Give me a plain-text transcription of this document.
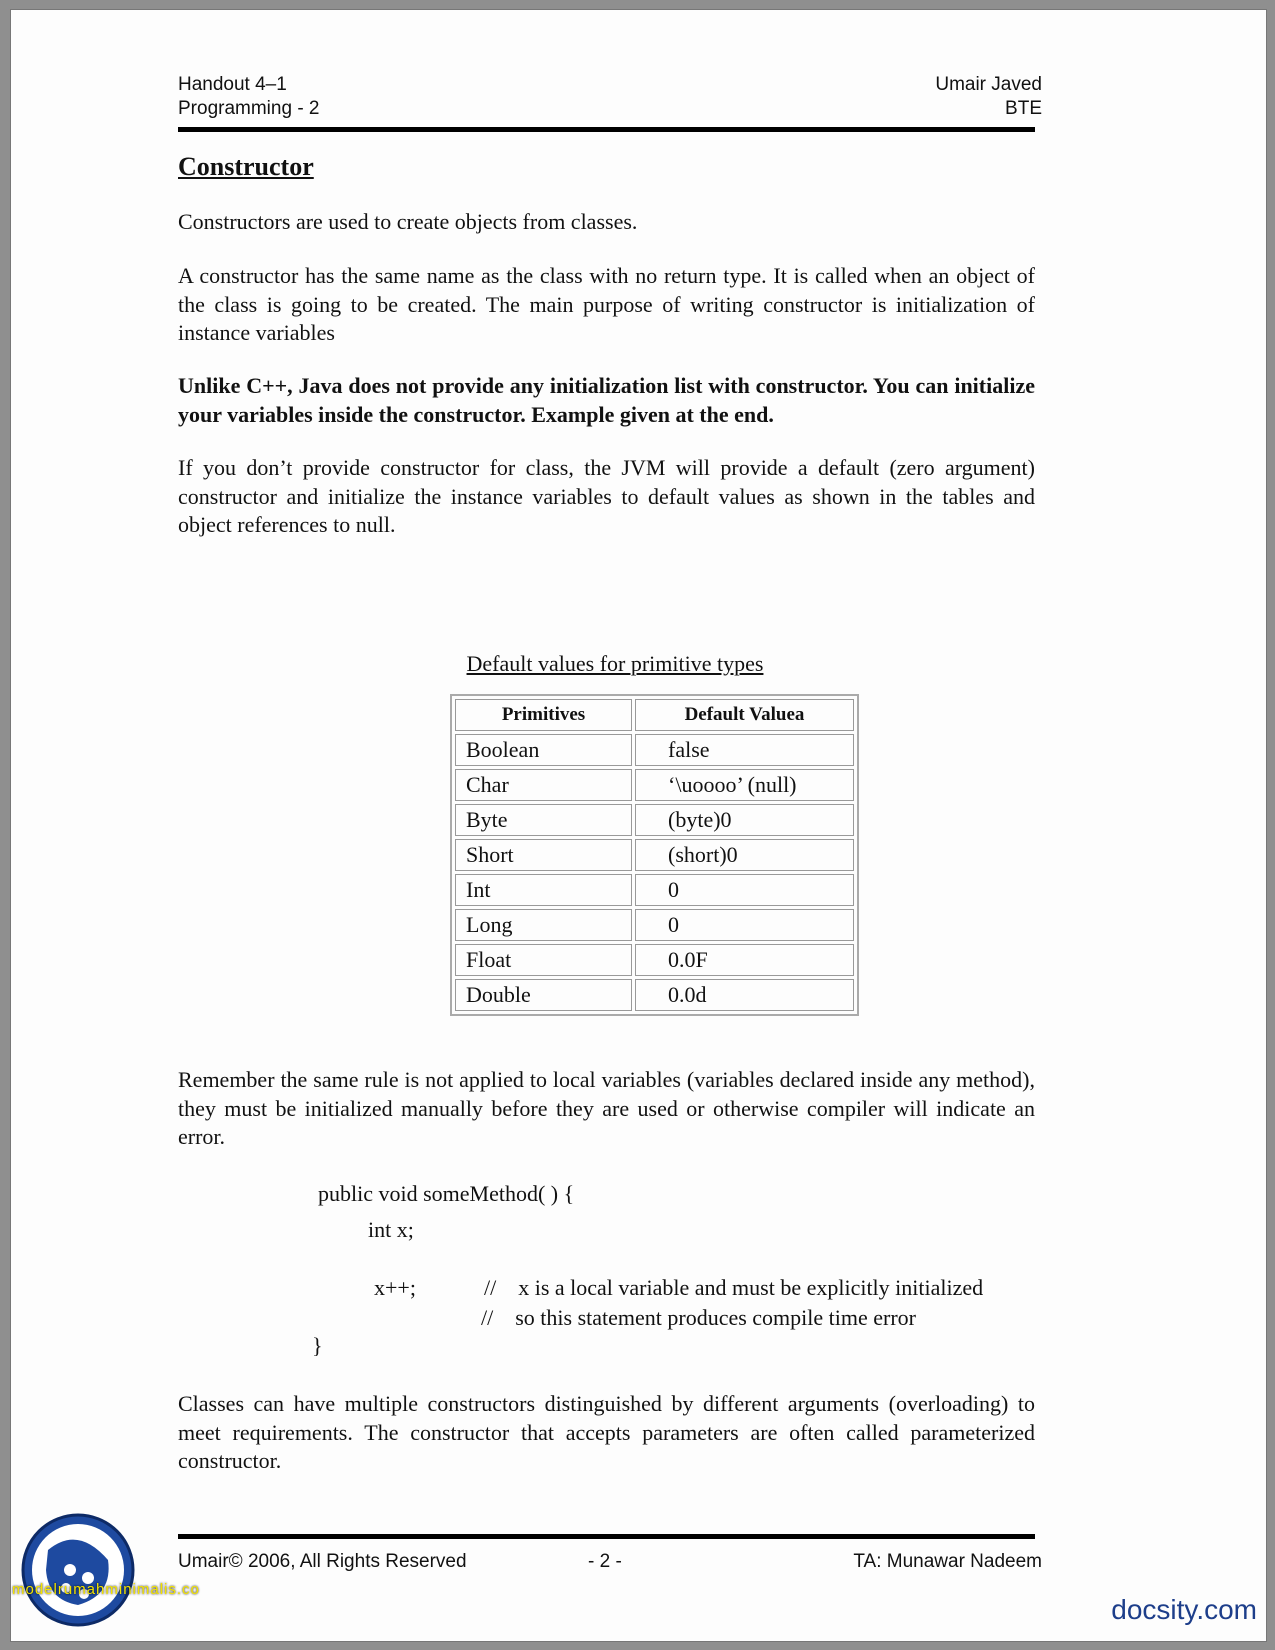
Handout 4–1
Programming - 2
Umair Javed
BTE
Constructor

Constructors are used to create objects from classes.

A constructor has the same name as the class with no return type. It is called when an object of the class is going to be created. The main purpose of writing constructor is initialization of instance variables

Unlike C++, Java does not provide any initialization list with constructor. You can initialize your variables inside the constructor. Example given at the end.

If you don’t provide constructor for class, the JVM will provide a default (zero argument) constructor and initialize the instance variables to default values as shown in the tables and object references to null.

Default values for primitive types
Primitives	Default Valuea
Boolean	false
Char	‘\uoooo’ (null)
Byte	(byte)0
Short	(short)0
Int	0
Long	0
Float	0.0F
Double	0.0d

Remember the same rule is not applied to local variables (variables declared inside any method), they must be initialized manually before they are used or otherwise compiler will indicate an error.

public void someMethod( ) {
int x;
x++;	//    x is a local variable and must be explicitly initialized
//    so this statement produces compile time error
}

Classes can have multiple constructors distinguished by different arguments (overloading) to meet requirements. The constructor that accepts parameters are often called parameterized constructor.

Umair© 2006, All Rights Reserved	- 2 -	TA: Munawar Nadeem
modelrumahminimalis.co
docsity.com
